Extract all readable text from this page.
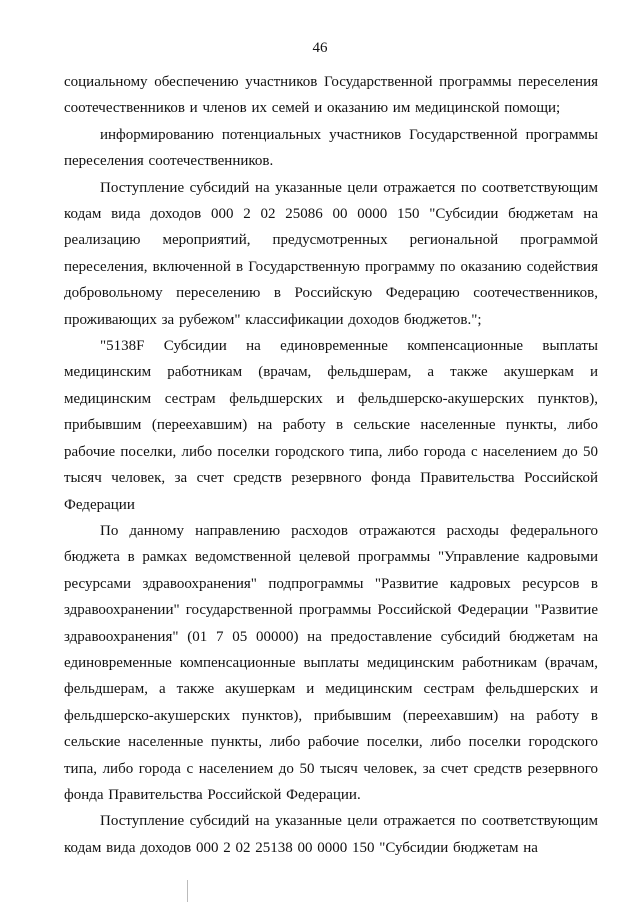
46

социальному обеспечению участников Государственной программы переселения соотечественников и членов их семей и оказанию им медицинской помощи;

информированию потенциальных участников Государственной программы переселения соотечественников.

Поступление субсидий на указанные цели отражается по соответствующим кодам вида доходов 000 2 02 25086 00 0000 150 "Субсидии бюджетам на реализацию мероприятий, предусмотренных региональной программой переселения, включенной в Государственную программу по оказанию содействия добровольному переселению в Российскую Федерацию соотечественников, проживающих за рубежом" классификации доходов бюджетов.";

"5138F Субсидии на единовременные компенсационные выплаты медицинским работникам (врачам, фельдшерам, а также акушеркам и медицинским сестрам фельдшерских и фельдшерско-акушерских пунктов), прибывшим (переехавшим) на работу в сельские населенные пункты, либо рабочие поселки, либо поселки городского типа, либо города с населением до 50 тысяч человек, за счет средств резервного фонда Правительства Российской Федерации

По данному направлению расходов отражаются расходы федерального бюджета в рамках ведомственной целевой программы "Управление кадровыми ресурсами здравоохранения" подпрограммы "Развитие кадровых ресурсов в здравоохранении" государственной программы Российской Федерации "Развитие здравоохранения" (01 7 05 00000) на предоставление субсидий бюджетам на единовременные компенсационные выплаты медицинским работникам (врачам, фельдшерам, а также акушеркам и медицинским сестрам фельдшерских и фельдшерско-акушерских пунктов), прибывшим (переехавшим) на работу в сельские населенные пункты, либо рабочие поселки, либо поселки городского типа, либо города с населением до 50 тысяч человек, за счет средств резервного фонда Правительства Российской Федерации.

Поступление субсидий на указанные цели отражается по соответствующим кодам вида доходов 000 2 02 25138 00 0000 150 "Субсидии бюджетам на
